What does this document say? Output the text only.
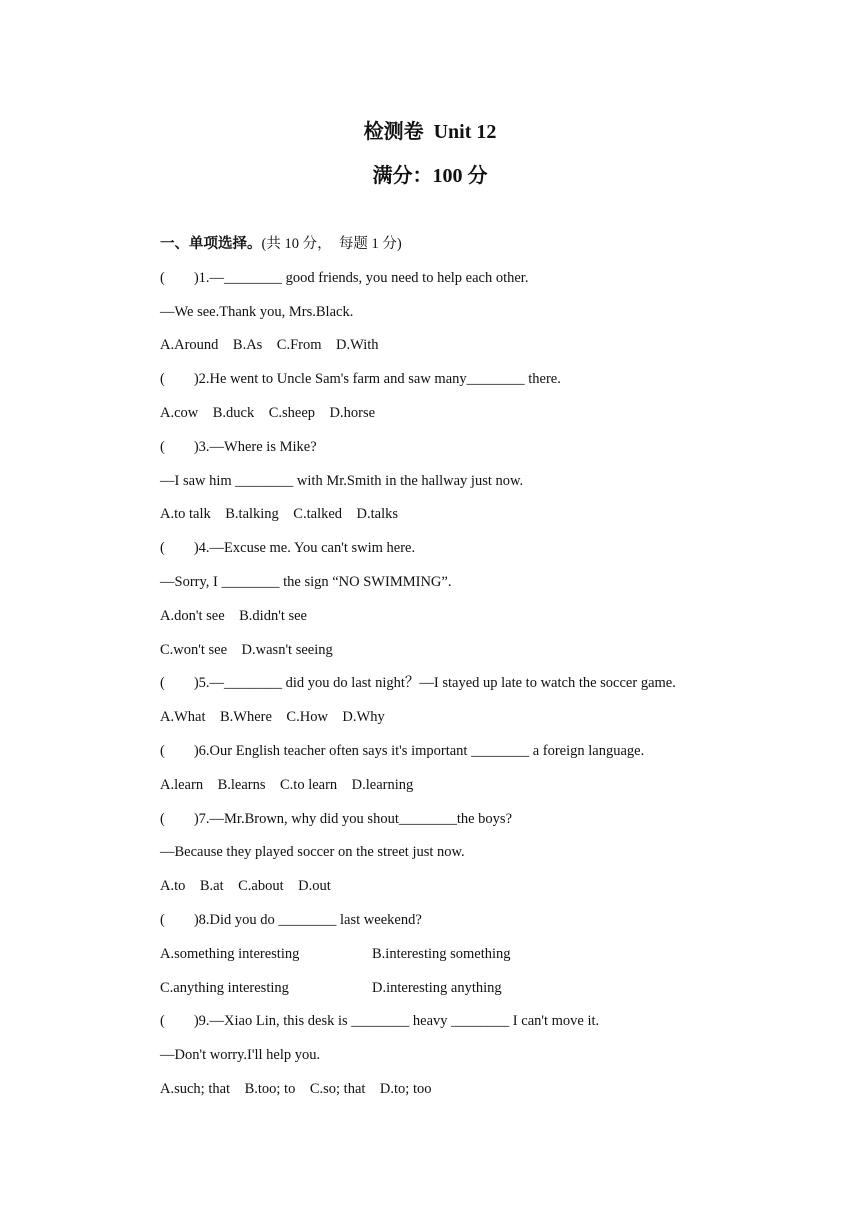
检测卷  Unit 12
满分：100 分
一、单项选择。(共 10 分，  每题 1 分)
(        )1.—________ good friends, you need to help each other.
—We see.Thank you, Mrs.Black.
A.Around    B.As    C.From    D.With
(        )2.He went to Uncle Sam's farm and saw many________ there.
A.cow    B.duck    C.sheep    D.horse
(        )3.—Where is Mike?
—I saw him ________ with Mr.Smith in the hallway just now.
A.to talk    B.talking    C.talked    D.talks
(        )4.—Excuse me. You can't swim here.
—Sorry, I ________ the sign “NO SWIMMING”.
A.don't see    B.didn't see
C.won't see    D.wasn't seeing
(        )5.—________ did you do last night？—I stayed up late to watch the soccer game.
A.What    B.Where    C.How    D.Why
(        )6.Our English teacher often says it's important ________ a foreign language.
A.learn    B.learns    C.to learn    D.learning
(        )7.—Mr.Brown, why did you shout________the boys?
—Because they played soccer on the street just now.
A.to    B.at    C.about    D.out
(        )8.Did you do ________ last weekend?
A.something interesting	B.interesting something
C.anything interesting	D.interesting anything
(        )9.—Xiao Lin, this desk is ________ heavy ________ I can't move it.
—Don't worry.I'll help you.
A.such; that    B.too; to    C.so; that    D.to; too
